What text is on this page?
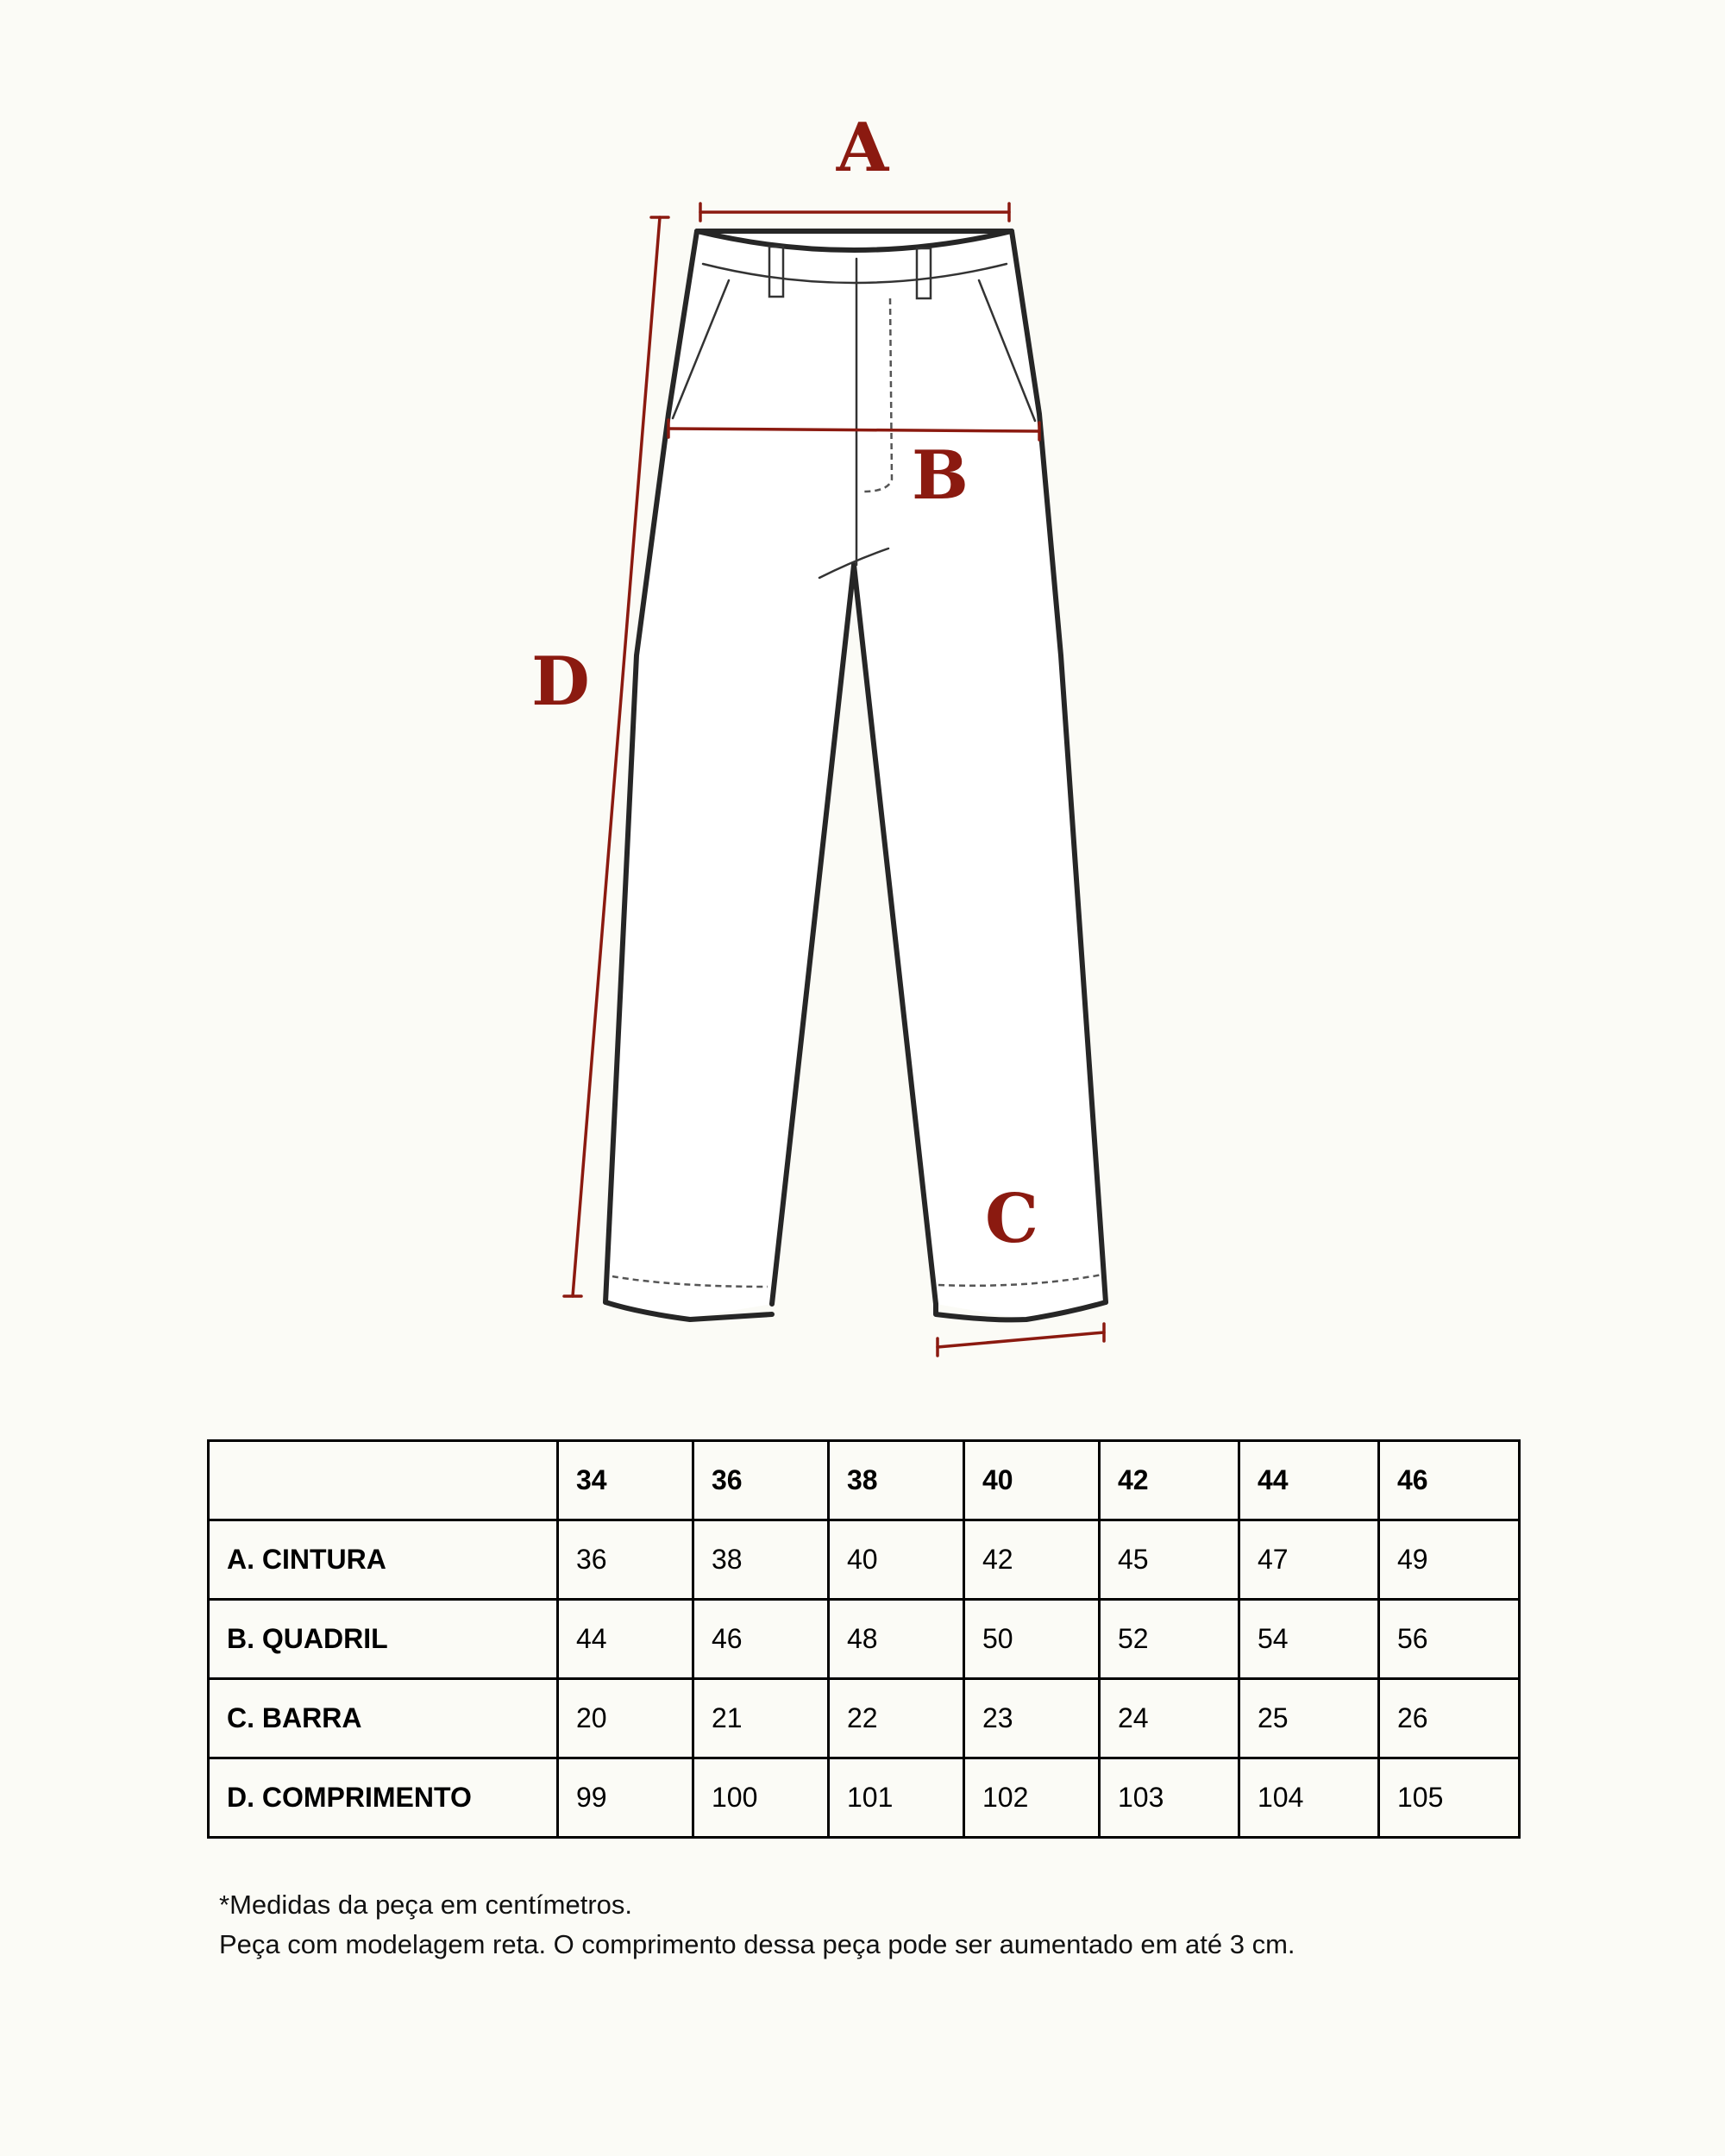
A
B
C
D
	34	36	38	40	42	44	46
A. CINTURA	36	38	40	42	45	47	49
B. QUADRIL	44	46	48	50	52	54	56
C. BARRA	20	21	22	23	24	25	26
D. COMPRIMENTO	99	100	101	102	103	104	105

*Medidas da peça em centímetros.

Peça com modelagem reta. O comprimento dessa peça pode ser aumentado em até 3 cm.
